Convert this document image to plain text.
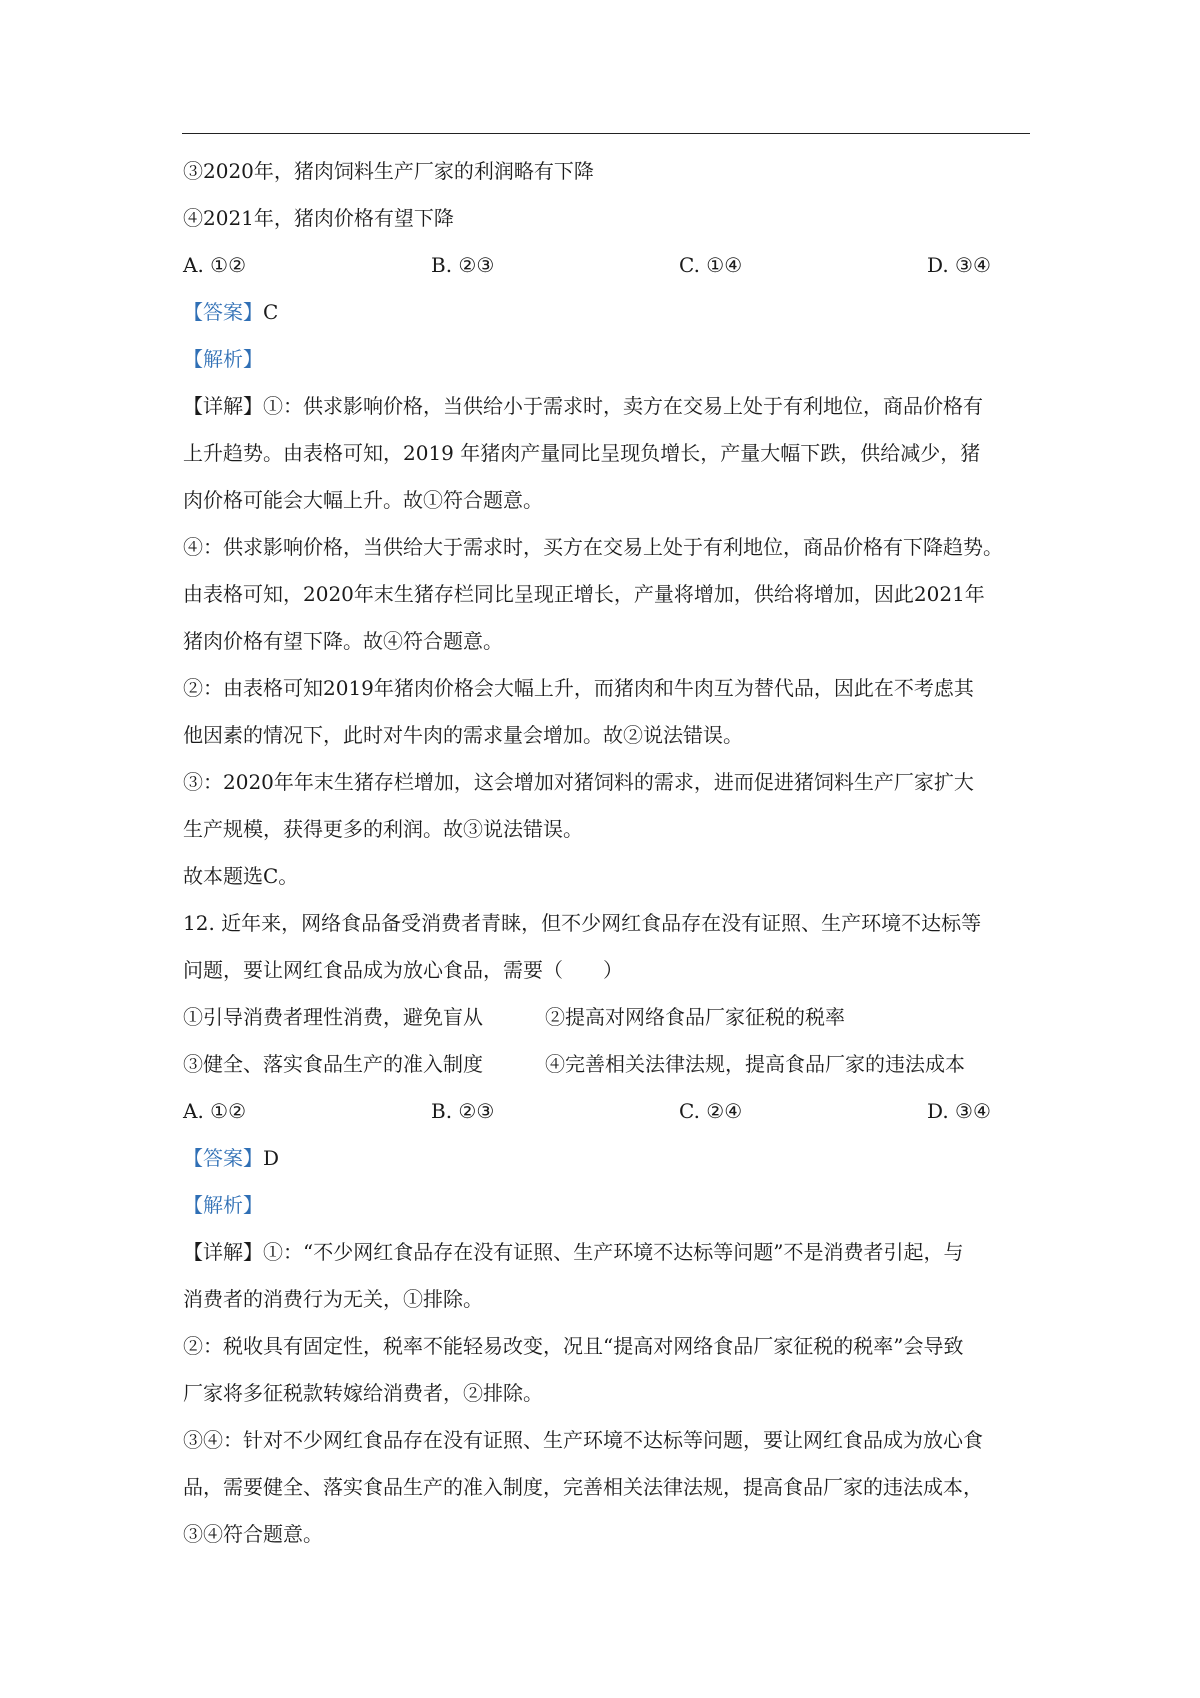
③2020年，猪肉饲料生产厂家的利润略有下降
④2021年，猪肉价格有望下降
A. ①②	B. ②③	C. ①④	D. ③④
【答案】C
【解析】
【详解】①：供求影响价格，当供给小于需求时，卖方在交易上处于有利地位，商品价格有
上升趋势。由表格可知，2019 年猪肉产量同比呈现负增长，产量大幅下跌，供给减少，猪
肉价格可能会大幅上升。故①符合题意。
④：供求影响价格，当供给大于需求时，买方在交易上处于有利地位，商品价格有下降趋势。
由表格可知，2020年末生猪存栏同比呈现正增长，产量将增加，供给将增加，因此2021年
猪肉价格有望下降。故④符合题意。
②：由表格可知2019年猪肉价格会大幅上升，而猪肉和牛肉互为替代品，因此在不考虑其
他因素的情况下，此时对牛肉的需求量会增加。故②说法错误。
③：2020年年末生猪存栏增加，这会增加对猪饲料的需求，进而促进猪饲料生产厂家扩大
生产规模，获得更多的利润。故③说法错误。
故本题选C。
12. 近年来，网络食品备受消费者青睐，但不少网红食品存在没有证照、生产环境不达标等
问题，要让网红食品成为放心食品，需要（　　）
①引导消费者理性消费，避免盲从	②提高对网络食品厂家征税的税率
③健全、落实食品生产的准入制度	④完善相关法律法规，提高食品厂家的违法成本
A. ①②	B. ②③	C. ②④	D. ③④
【答案】D
【解析】
【详解】①：“不少网红食品存在没有证照、生产环境不达标等问题”不是消费者引起，与
消费者的消费行为无关，①排除。
②：税收具有固定性，税率不能轻易改变，况且“提高对网络食品厂家征税的税率”会导致
厂家将多征税款转嫁给消费者，②排除。
③④：针对不少网红食品存在没有证照、生产环境不达标等问题，要让网红食品成为放心食
品，需要健全、落实食品生产的准入制度，完善相关法律法规，提高食品厂家的违法成本，
③④符合题意。
